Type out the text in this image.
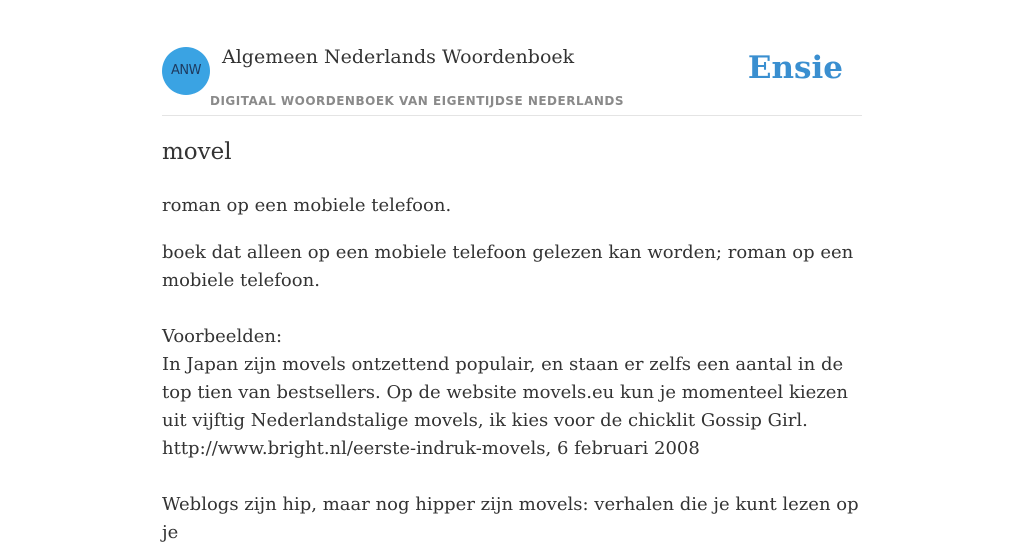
ANW
Algemeen Nederlands Woordenboek
DIGITAAL WOORDENBOEK VAN EIGENTIJDSE NEDERLANDS
Ensie
movel

roman op een mobiele telefoon.

boek dat alleen op een mobiele telefoon gelezen kan worden; roman op een mobiele telefoon.

Voorbeelden:

In Japan zijn movels ontzettend populair, en staan er zelfs een aantal in de top tien van bestsellers. Op de website movels.eu kun je momenteel kiezen uit vijftig Nederlandstalige movels, ik kies voor de chicklit Gossip Girl.

http://www.bright.nl/eerste-indruk-movels, 6 februari 2008

Weblogs zijn hip, maar nog hipper zijn movels: verhalen die je kunt lezen op je
